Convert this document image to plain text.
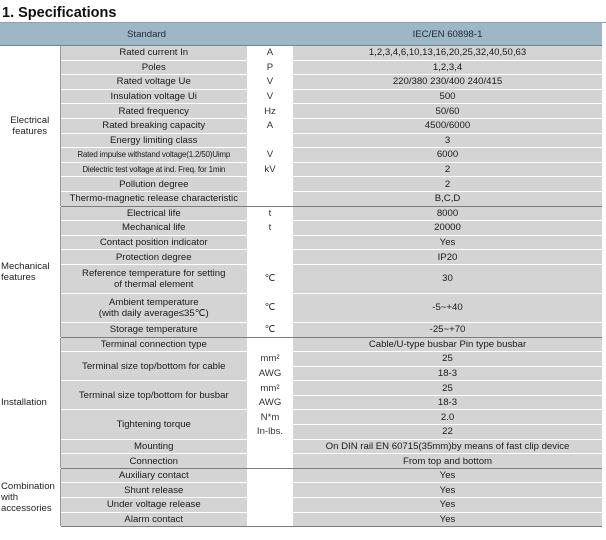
1. Specifications
Standard			IEC/EN 60898-1
Electrical
features	Rated current In	A	1,2,3,4,6,10,13,16,20,25,32,40,50,63
	Poles	P	1,2,3,4
	Rated voltage Ue	V	220/380 230/400 240/415
	Insulation voltage Ui	V	500
	Rated frequency	Hz	50/60
	Rated breaking capacity	A	4500/6000
	Energy limiting class		3
	Rated impulse withstand voltage(1.2/50)Uimp	V	6000
	Dielectric test voltage at ind. Freq. for 1min	kV	2
	Pollution degree		2
	Thermo-magnetic release characteristic		B,C,D
Mechanical
features	Electrical life	t	8000
	Mechanical life	t	20000
	Contact position indicator		Yes
	Protection degree		IP20
	Reference temperature for setting
of thermal element	℃	30
	Ambient temperature
(with daily average≤35℃)	℃	-5~+40
	Storage temperature	℃	-25~+70
Installation	Terminal connection type		Cable/U-type busbar Pin type busbar
	Terminal size top/bottom for cable	mm²	25
		AWG	18-3
	Terminal size top/bottom for busbar	mm²	25
		AWG	18-3
	Tightening torque	N*m	2.0
		In-lbs.	22
	Mounting		On DIN rail EN 60715(35mm)by means of fast clip device
	Connection		From top and bottom
Combination
with
accessories	Auxiliary contact		Yes
	Shunt release		Yes
	Under voltage release		Yes
	Alarm contact		Yes
